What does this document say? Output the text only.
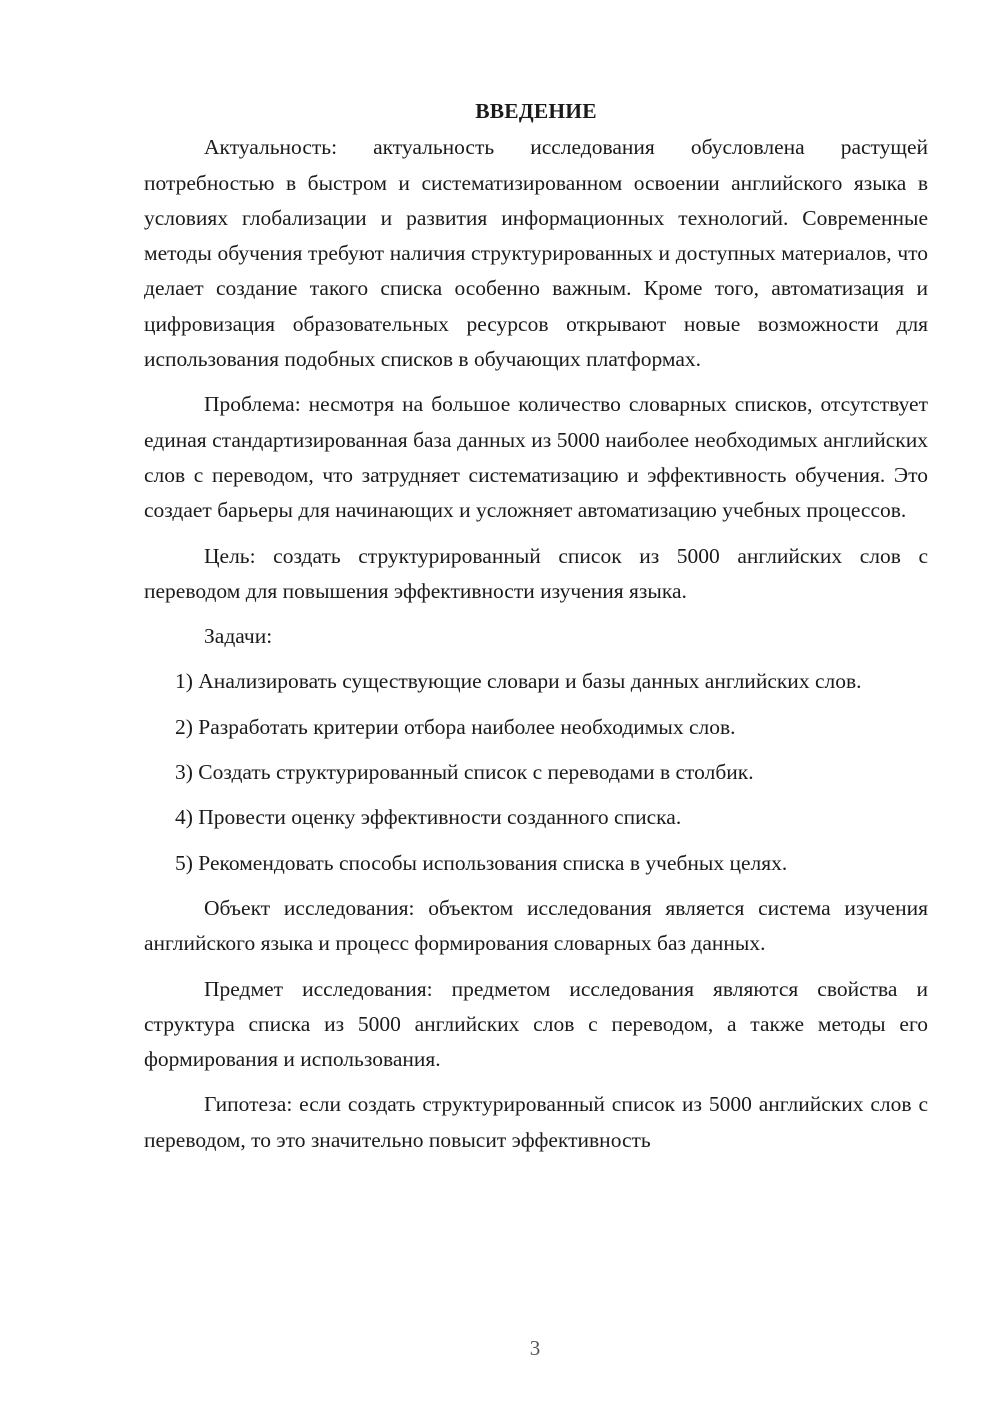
ВВЕДЕНИЕ

Актуальность: актуальность исследования обусловлена растущей потребностью в быстром и систематизированном освоении английского языка в условиях глобализации и развития информационных технологий. Современные методы обучения требуют наличия структурированных и доступных материалов, что делает создание такого списка особенно важным. Кроме того, автоматизация и цифровизация образовательных ресурсов открывают новые возможности для использования подобных списков в обучающих платформах.

Проблема: несмотря на большое количество словарных списков, отсутствует единая стандартизированная база данных из 5000 наиболее необходимых английских слов с переводом, что затрудняет систематизацию и эффективность обучения. Это создает барьеры для начинающих и усложняет автоматизацию учебных процессов.

Цель: создать структурированный список из 5000 английских слов с переводом для повышения эффективности изучения языка.

Задачи:

1) Анализировать существующие словари и базы данных английских слов.

2) Разработать критерии отбора наиболее необходимых слов.

3) Создать структурированный список с переводами в столбик.

4) Провести оценку эффективности созданного списка.

5) Рекомендовать способы использования списка в учебных целях.

Объект исследования: объектом исследования является система изучения английского языка и процесс формирования словарных баз данных.

Предмет исследования: предметом исследования являются свойства и структура списка из 5000 английских слов с переводом, а также методы его формирования и использования.

Гипотеза: если создать структурированный список из 5000 английских слов с переводом, то это значительно повысит эффективность

3
